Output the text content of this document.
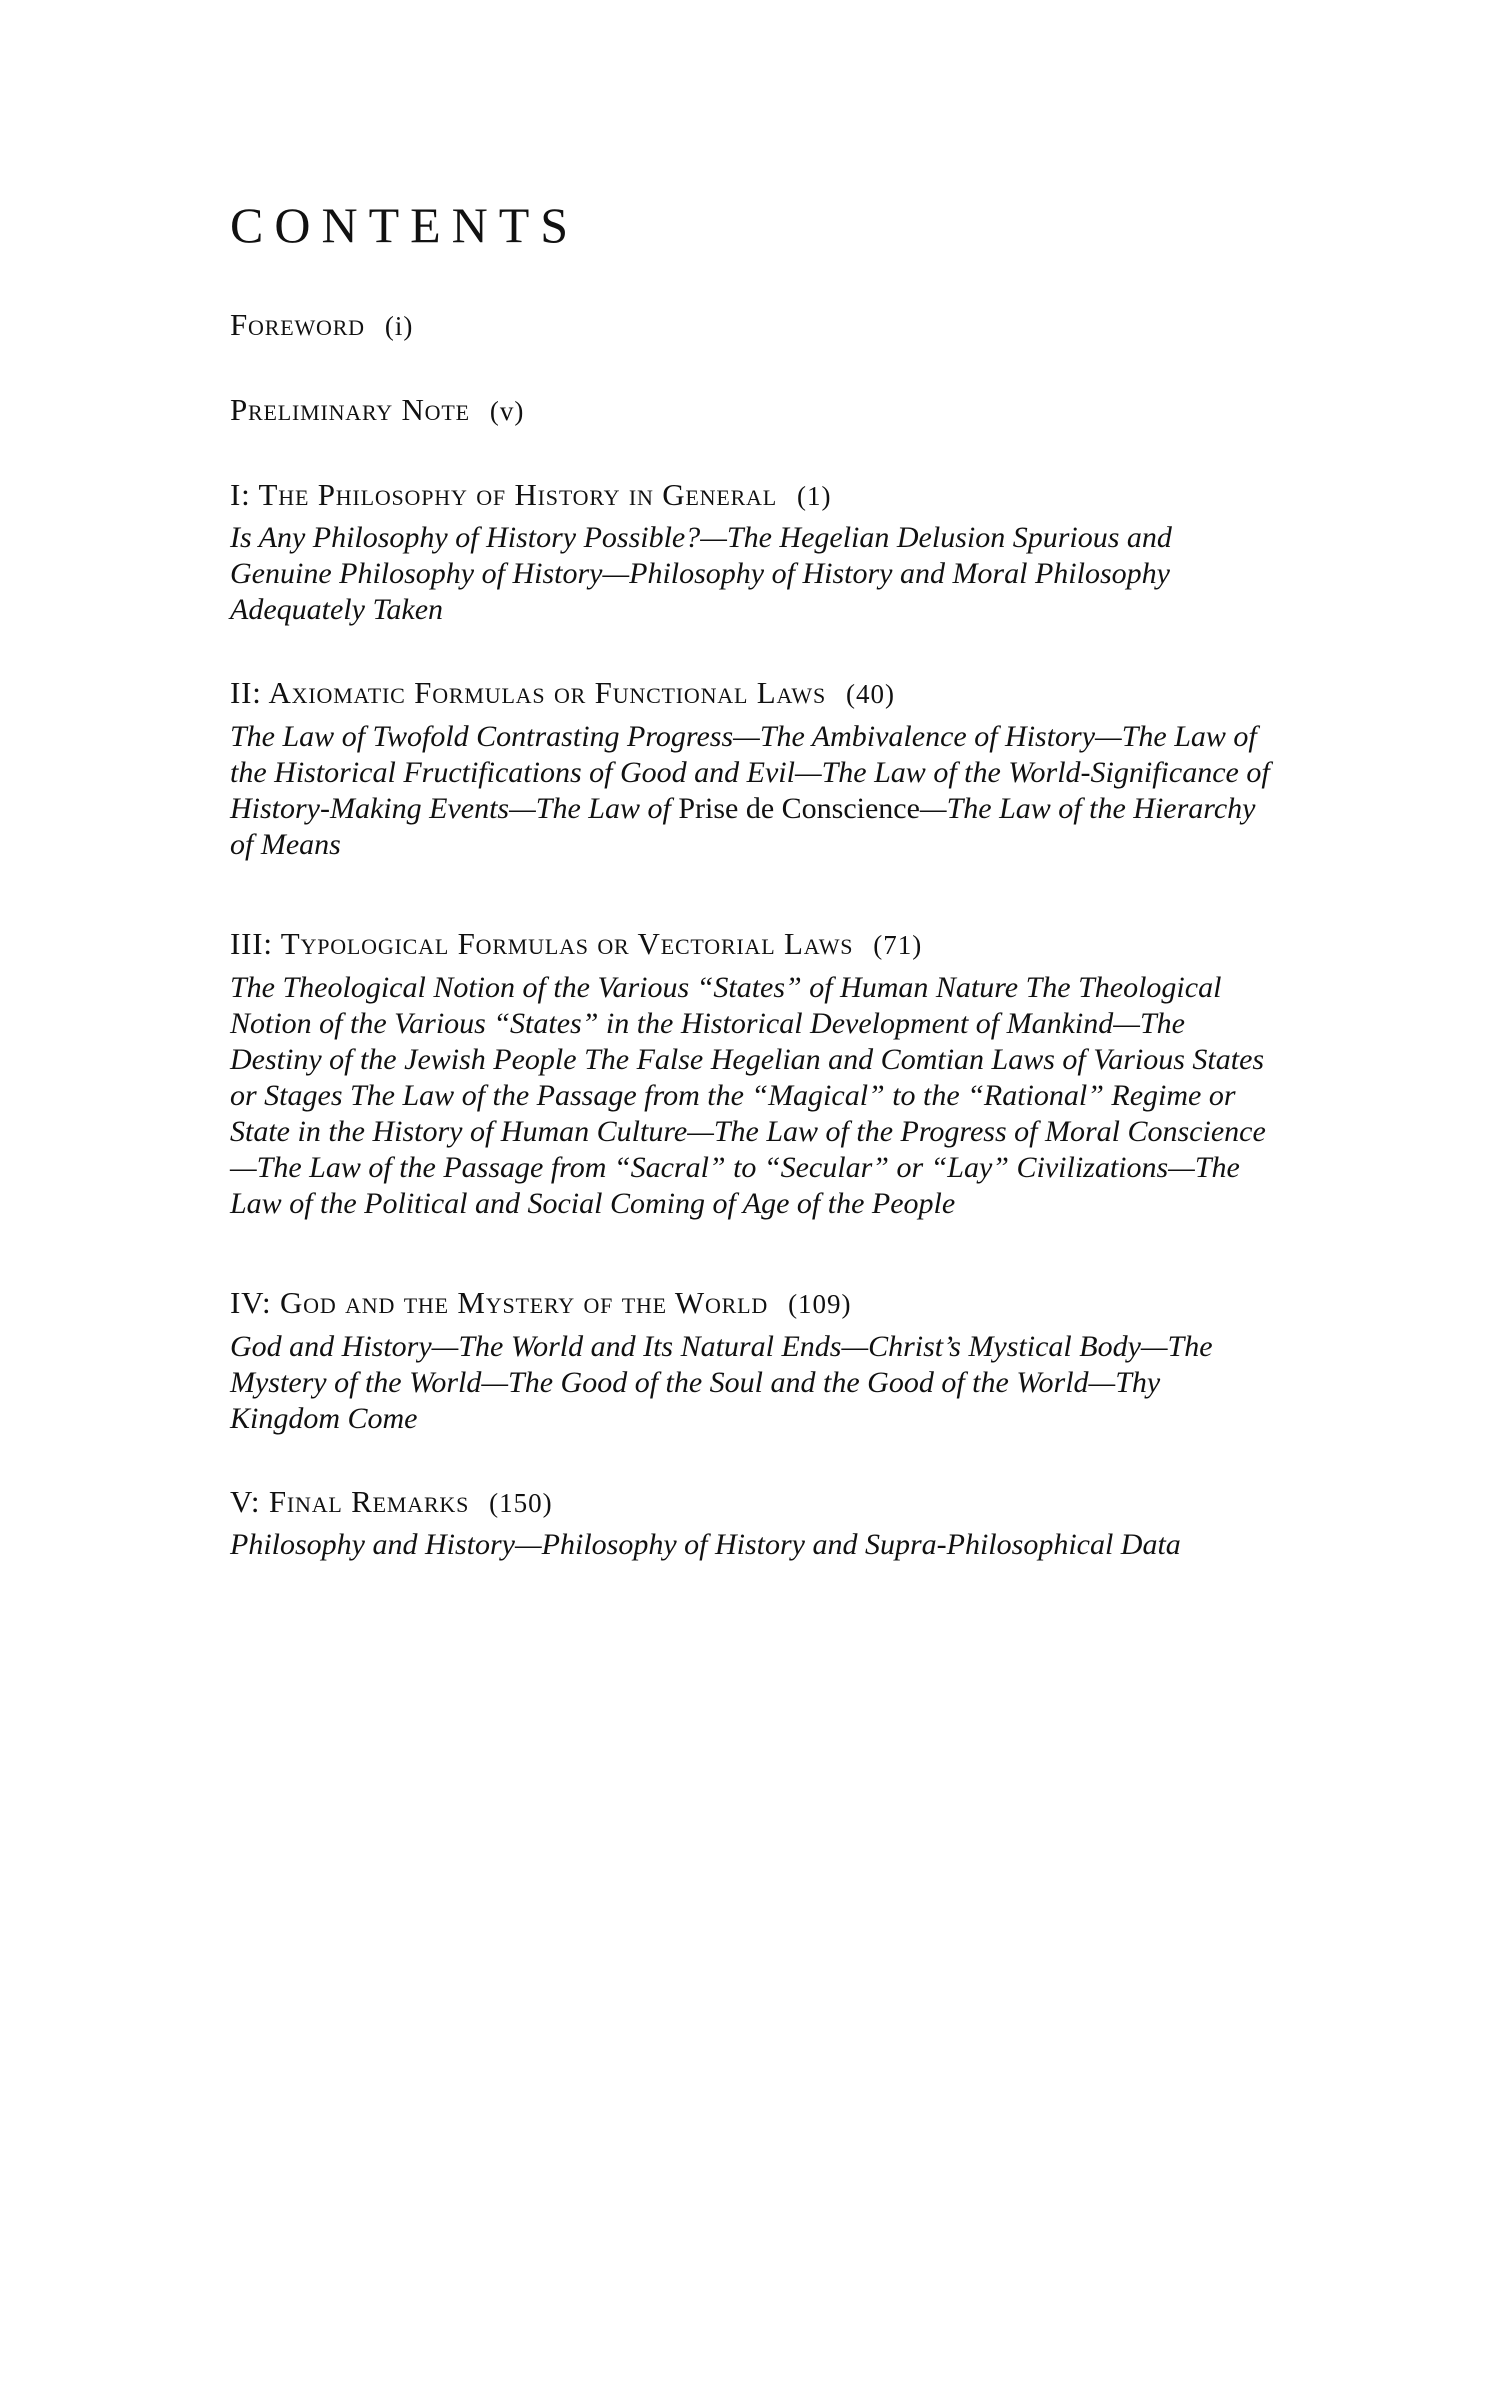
CONTENTS
Foreword (i)
Preliminary Note (v)
I: The Philosophy of History in General (1)
Is Any Philosophy of History Possible?—The Hegelian Delusion Spurious and Genuine Philosophy of History—Philosophy of History and Moral Philosophy Adequately Taken
II: Axiomatic Formulas or Functional Laws (40)
The Law of Twofold Contrasting Progress—The Ambivalence of History—The Law of the Historical Fructifications of Good and Evil—The Law of the World-Significance of History-Making Events—The Law of Prise de Conscience—The Law of the Hierarchy of Means
III: Typological Formulas or Vectorial Laws (71)
The Theological Notion of the Various “States” of Human Nature The Theological Notion of the Various “States” in the Historical Development of Mankind—The Destiny of the Jewish People The False Hegelian and Comtian Laws of Various States or Stages The Law of the Passage from the “Magical” to the “Rational” Regime or State in the History of Human Culture—The Law of the Progress of Moral Conscience—The Law of the Passage from “Sacral” to “Secular” or “Lay” Civilizations—The Law of the Political and Social Coming of Age of the People
IV: God and the Mystery of the World (109)
God and History—The World and Its Natural Ends—Christ’s Mystical Body—The Mystery of the World—The Good of the Soul and the Good of the World—Thy Kingdom Come
V: Final Remarks (150)
Philosophy and History—Philosophy of History and Supra-Philosophical Data
